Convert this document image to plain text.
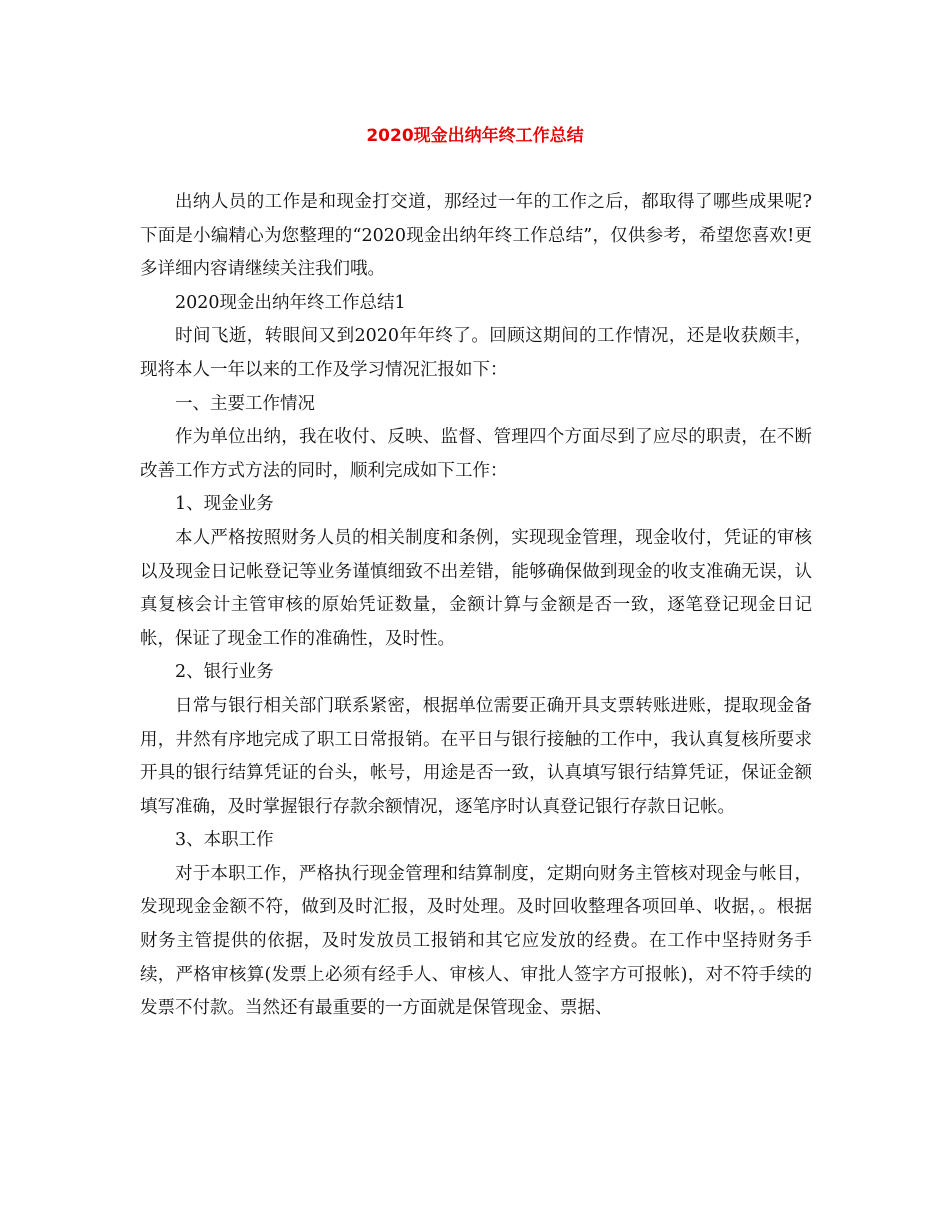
2020现金出纳年终工作总结

出纳人员的工作是和现金打交道，那经过一年的工作之后，都取得了哪些成果呢?下面是小编精心为您整理的“2020现金出纳年终工作总结”，仅供参考，希望您喜欢!更多详细内容请继续关注我们哦。

2020现金出纳年终工作总结1

时间飞逝，转眼间又到2020年年终了。回顾这期间的工作情况，还是收获颇丰，现将本人一年以来的工作及学习情况汇报如下：

一、主要工作情况

作为单位出纳，我在收付、反映、监督、管理四个方面尽到了应尽的职责，在不断改善工作方式方法的同时，顺利完成如下工作：

1、现金业务

本人严格按照财务人员的相关制度和条例，实现现金管理，现金收付，凭证的审核以及现金日记帐登记等业务谨慎细致不出差错，能够确保做到现金的收支准确无误，认真复核会计主管审核的原始凭证数量，金额计算与金额是否一致，逐笔登记现金日记帐，保证了现金工作的准确性，及时性。

2、银行业务

日常与银行相关部门联系紧密，根据单位需要正确开具支票转账进账，提取现金备用，井然有序地完成了职工日常报销。在平日与银行接触的工作中，我认真复核所要求开具的银行结算凭证的台头，帐号，用途是否一致，认真填写银行结算凭证，保证金额填写准确，及时掌握银行存款余额情况，逐笔序时认真登记银行存款日记帐。

3、本职工作

对于本职工作，严格执行现金管理和结算制度，定期向财务主管核对现金与帐目，发现现金金额不符，做到及时汇报，及时处理。及时回收整理各项回单、收据，。根据财务主管提供的依据，及时发放员工报销和其它应发放的经费。在工作中坚持财务手续，严格审核算(发票上必须有经手人、审核人、审批人签字方可报帐)，对不符手续的发票不付款。当然还有最重要的一方面就是保管现金、票据、
